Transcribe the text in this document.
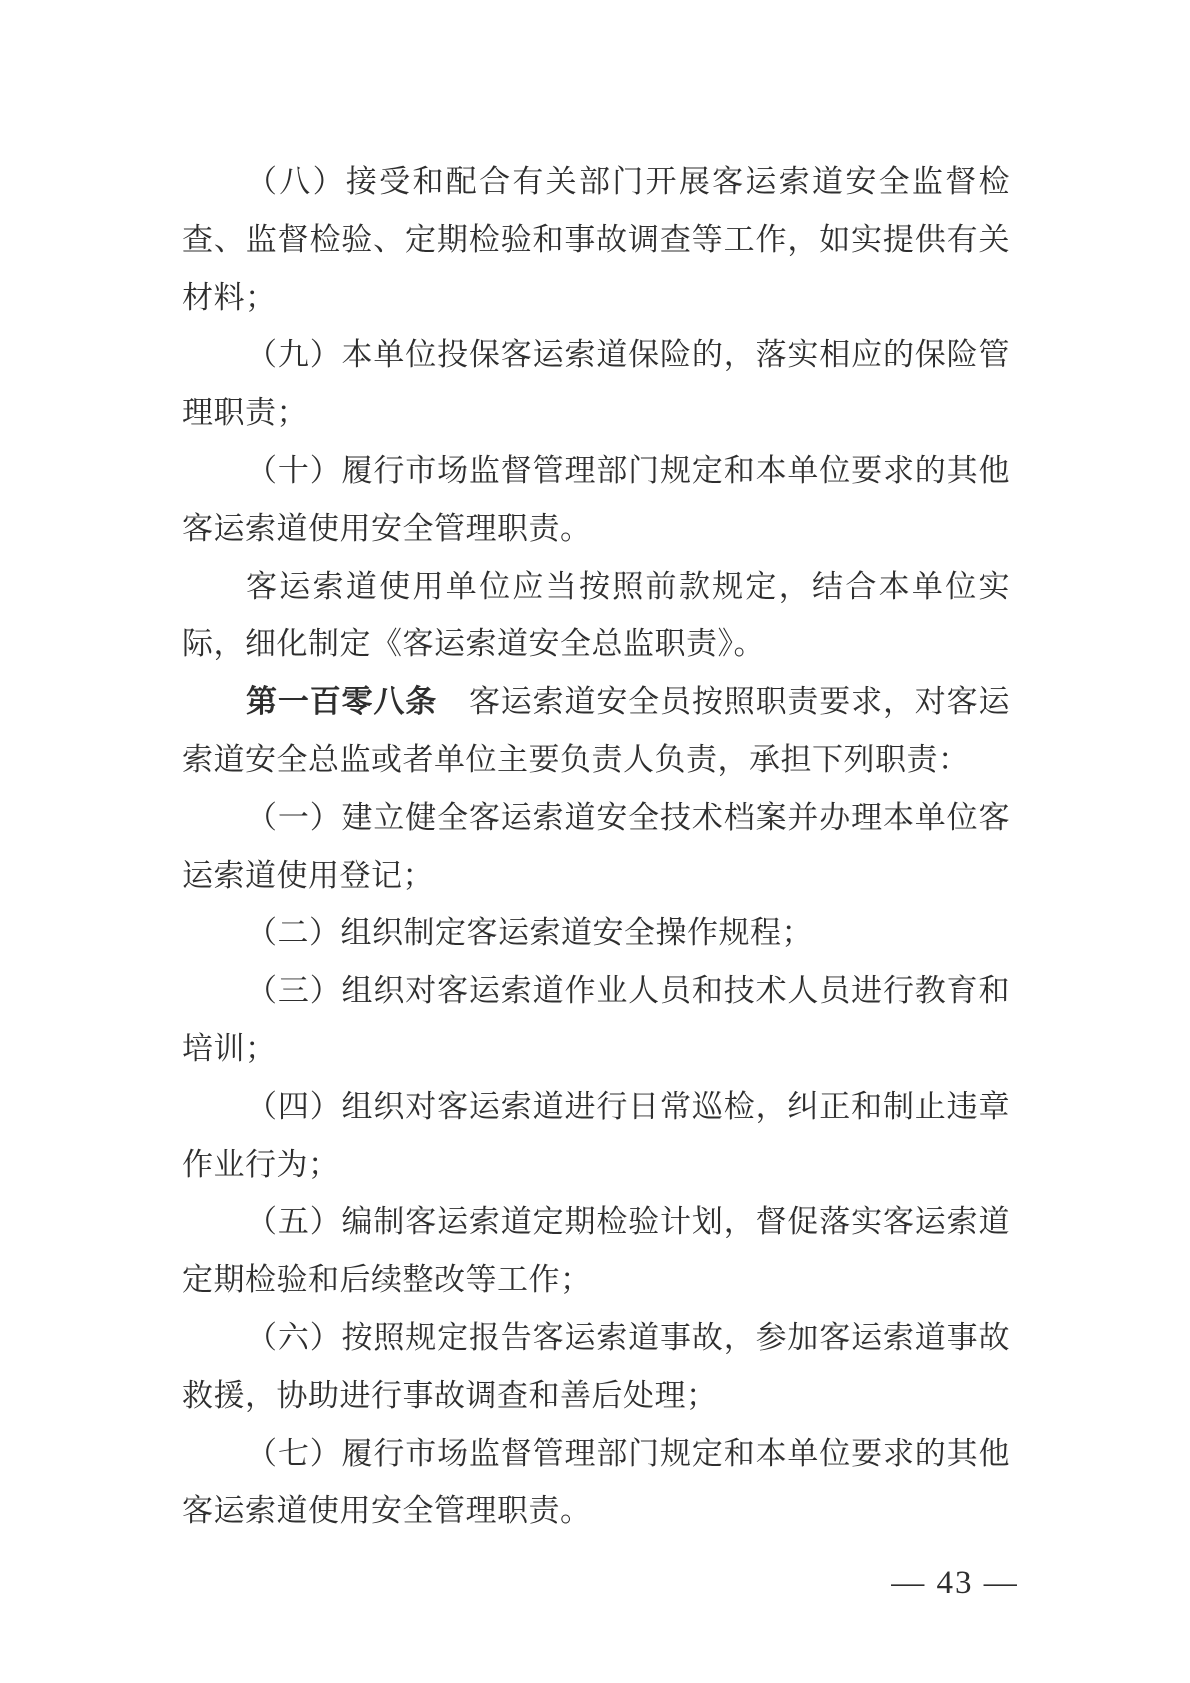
（八）接受和配合有关部门开展客运索道安全监督检
查、监督检验、定期检验和事故调查等工作，如实提供有关
材料；
（九）本单位投保客运索道保险的，落实相应的保险管
理职责；
（十）履行市场监督管理部门规定和本单位要求的其他
客运索道使用安全管理职责。
客运索道使用单位应当按照前款规定，结合本单位实
际，细化制定《客运索道安全总监职责》。
第一百零八条　客运索道安全员按照职责要求，对客运
索道安全总监或者单位主要负责人负责，承担下列职责：
（一）建立健全客运索道安全技术档案并办理本单位客
运索道使用登记；
（二）组织制定客运索道安全操作规程；
（三）组织对客运索道作业人员和技术人员进行教育和
培训；
（四）组织对客运索道进行日常巡检，纠正和制止违章
作业行为；
（五）编制客运索道定期检验计划，督促落实客运索道
定期检验和后续整改等工作；
（六）按照规定报告客运索道事故，参加客运索道事故
救援，协助进行事故调查和善后处理；
（七）履行市场监督管理部门规定和本单位要求的其他
客运索道使用安全管理职责。
— 43 —
